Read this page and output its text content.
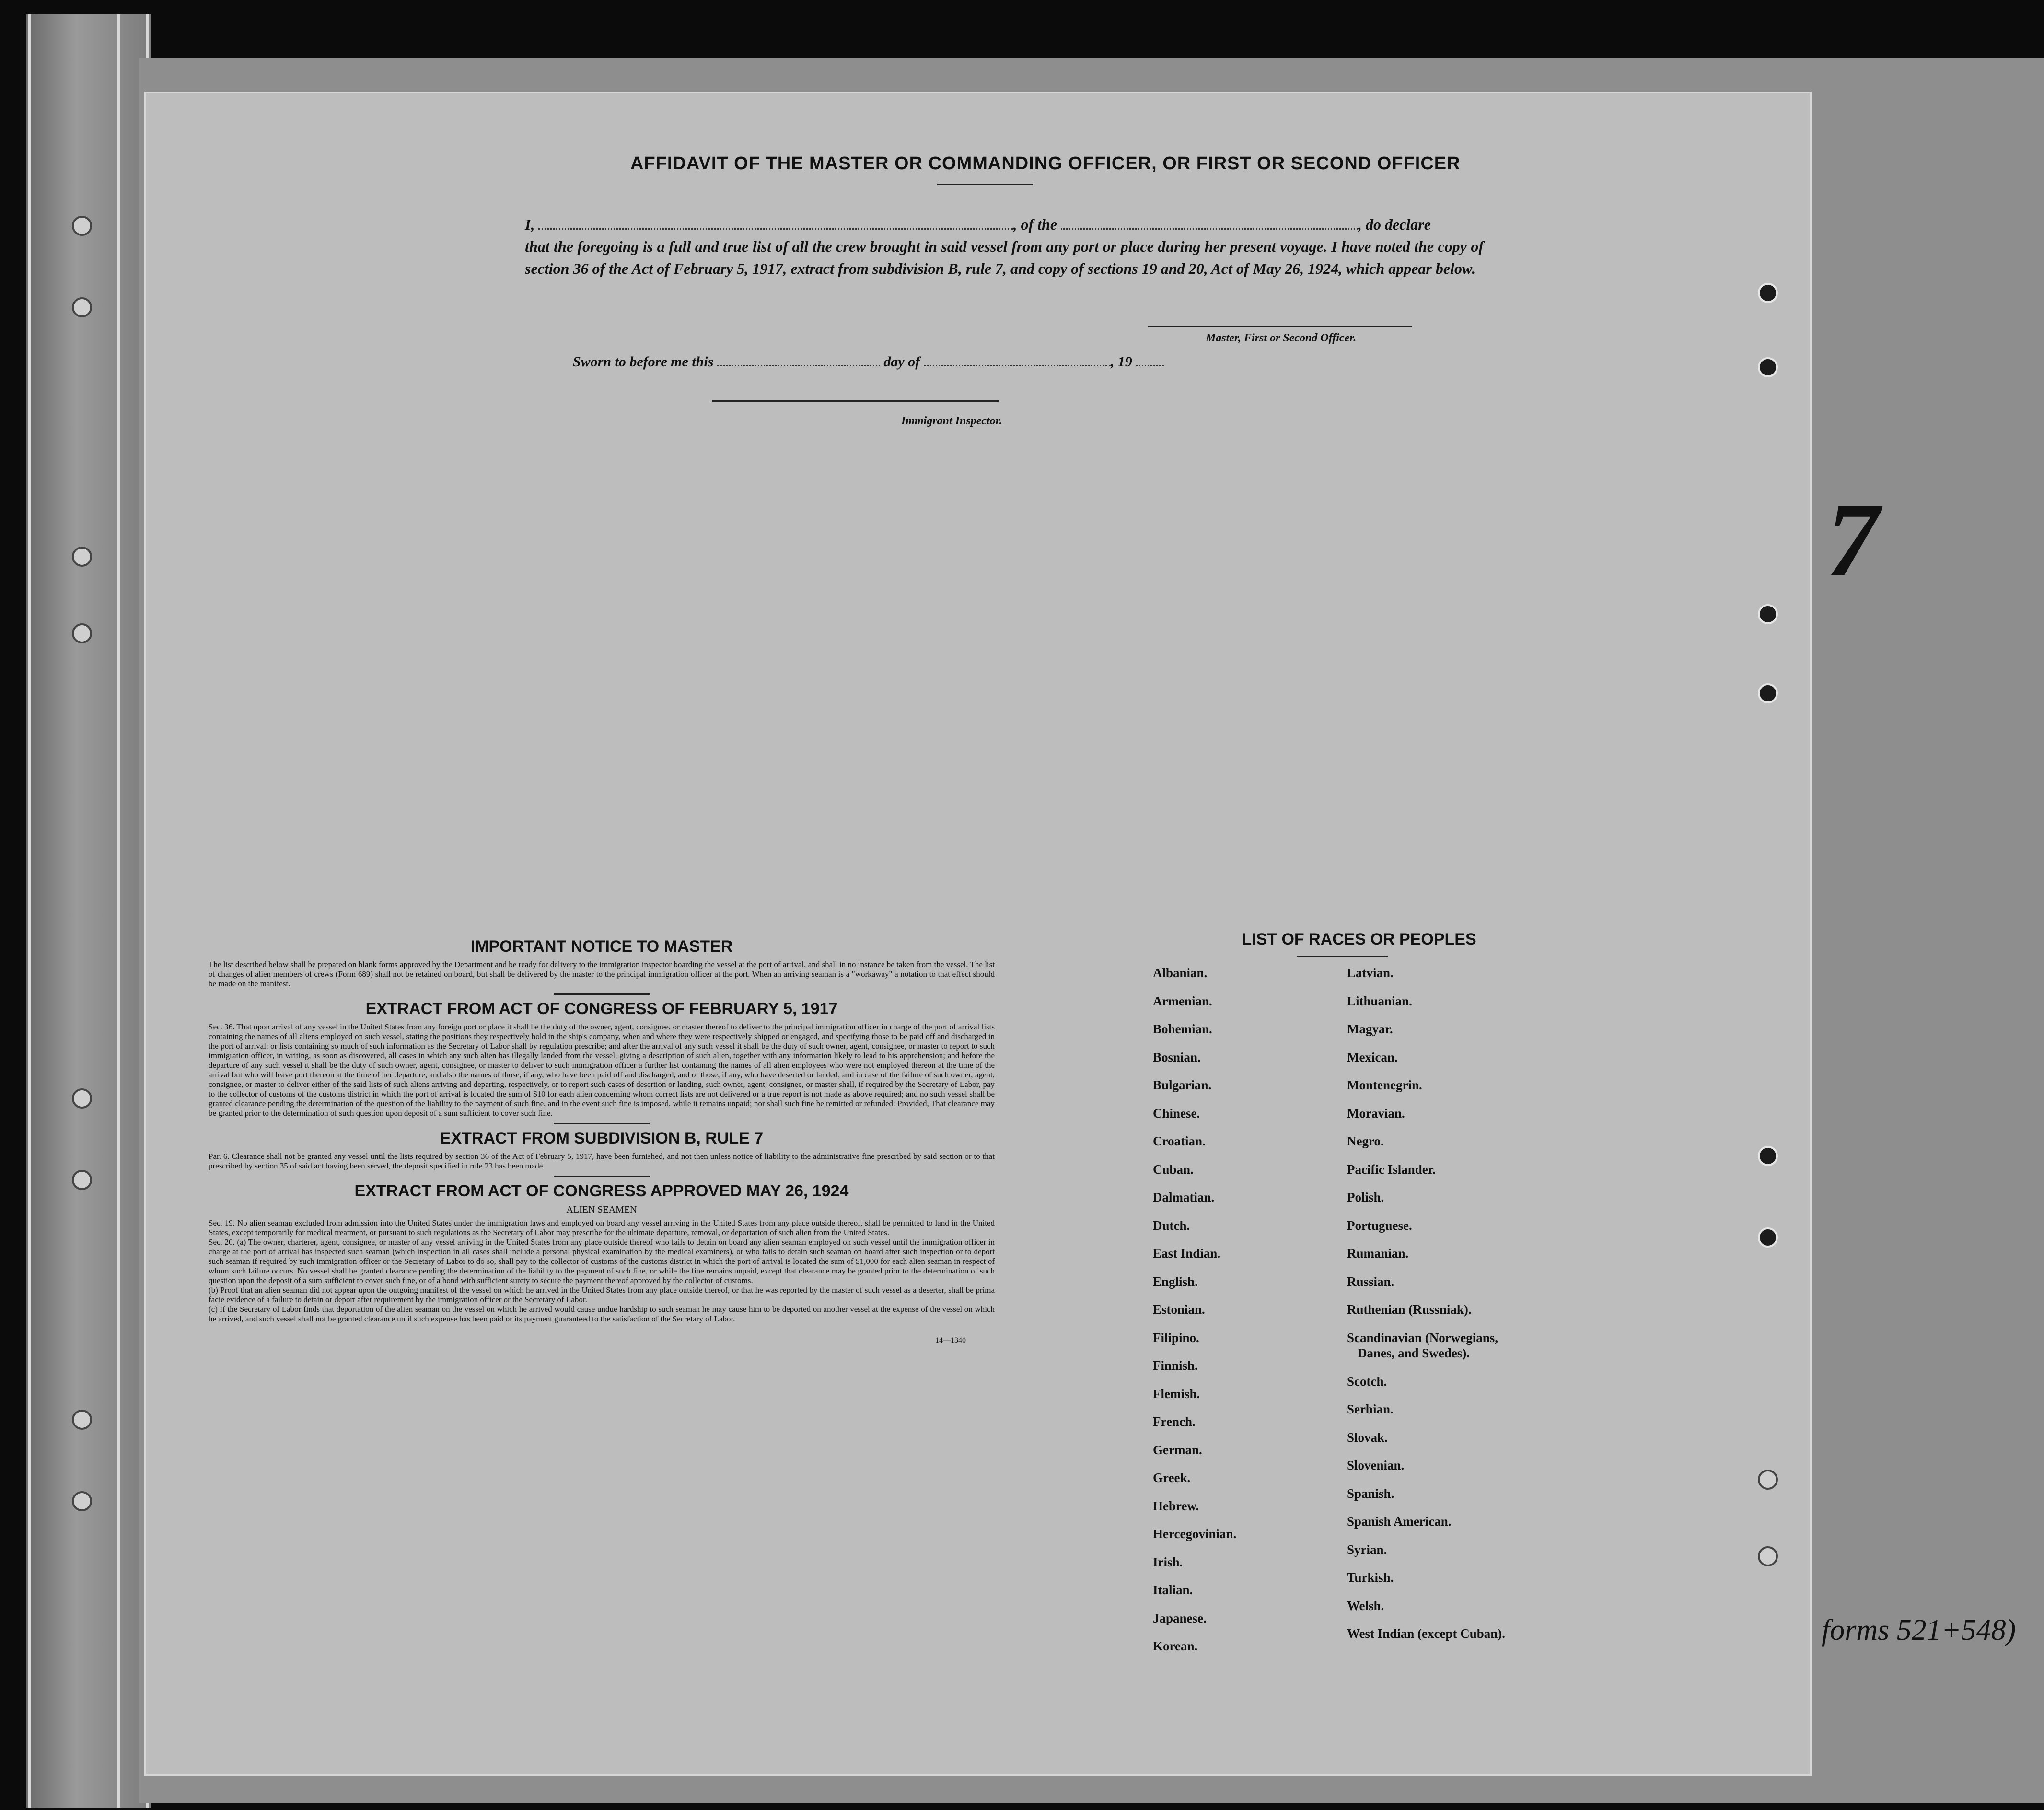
7
forms 521+548)
AFFIDAVIT OF THE MASTER OR COMMANDING OFFICER, OR FIRST OR SECOND OFFICER
I,	, of the	, do declare
that the foregoing is a full and true list of all the crew brought in said vessel from any port or place during her present voyage. I have noted the copy of section 36 of the Act of February 5, 1917, extract from subdivision B, rule 7, and copy of sections 19 and 20, Act of May 26, 1924, which appear below.
Master, First or Second Officer.
Sworn to before me this	day of	, 19
Immigrant Inspector.
IMPORTANT NOTICE TO MASTER

The list described below shall be prepared on blank forms approved by the Department and be ready for delivery to the immigration inspector boarding the vessel at the port of arrival, and shall in no instance be taken from the vessel. The list of changes of alien members of crews (Form 689) shall not be retained on board, but shall be delivered by the master to the principal immigration officer at the port. When an arriving seaman is a "workaway" a notation to that effect should be made on the manifest.

EXTRACT FROM ACT OF CONGRESS OF FEBRUARY 5, 1917

Sec. 36. That upon arrival of any vessel in the United States from any foreign port or place it shall be the duty of the owner, agent, consignee, or master thereof to deliver to the principal immigration officer in charge of the port of arrival lists containing the names of all aliens employed on such vessel, stating the positions they respectively hold in the ship's company, when and where they were respectively shipped or engaged, and specifying those to be paid off and discharged in the port of arrival; or lists containing so much of such information as the Secretary of Labor shall by regulation prescribe; and after the arrival of any such vessel it shall be the duty of such owner, agent, consignee, or master to report to such immigration officer, in writing, as soon as discovered, all cases in which any such alien has illegally landed from the vessel, giving a description of such alien, together with any information likely to lead to his apprehension; and before the departure of any such vessel it shall be the duty of such owner, agent, consignee, or master to deliver to such immigration officer a further list containing the names of all alien employees who were not employed thereon at the time of the arrival but who will leave port thereon at the time of her departure, and also the names of those, if any, who have been paid off and discharged, and of those, if any, who have deserted or landed; and in case of the failure of such owner, agent, consignee, or master to deliver either of the said lists of such aliens arriving and departing, respectively, or to report such cases of desertion or landing, such owner, agent, consignee, or master shall, if required by the Secretary of Labor, pay to the collector of customs of the customs district in which the port of arrival is located the sum of $10 for each alien concerning whom correct lists are not delivered or a true report is not made as above required; and no such vessel shall be granted clearance pending the determination of the question of the liability to the payment of such fine, and in the event such fine is imposed, while it remains unpaid; nor shall such fine be remitted or refunded: Provided, That clearance may be granted prior to the determination of such question upon deposit of a sum sufficient to cover such fine.

EXTRACT FROM SUBDIVISION B, RULE 7

Par. 6. Clearance shall not be granted any vessel until the lists required by section 36 of the Act of February 5, 1917, have been furnished, and not then unless notice of liability to the administrative fine prescribed by said section or to that prescribed by section 35 of said act having been served, the deposit specified in rule 23 has been made.

EXTRACT FROM ACT OF CONGRESS APPROVED MAY 26, 1924
ALIEN SEAMEN

Sec. 19. No alien seaman excluded from admission into the United States under the immigration laws and employed on board any vessel arriving in the United States from any place outside thereof, shall be permitted to land in the United States, except temporarily for medical treatment, or pursuant to such regulations as the Secretary of Labor may prescribe for the ultimate departure, removal, or deportation of such alien from the United States.

Sec. 20. (a) The owner, charterer, agent, consignee, or master of any vessel arriving in the United States from any place outside thereof who fails to detain on board any alien seaman employed on such vessel until the immigration officer in charge at the port of arrival has inspected such seaman (which inspection in all cases shall include a personal physical examination by the medical examiners), or who fails to detain such seaman on board after such inspection or to deport such seaman if required by such immigration officer or the Secretary of Labor to do so, shall pay to the collector of customs of the customs district in which the port of arrival is located the sum of $1,000 for each alien seaman in respect of whom such failure occurs. No vessel shall be granted clearance pending the determination of the liability to the payment of such fine, or while the fine remains unpaid, except that clearance may be granted prior to the determination of such question upon the deposit of a sum sufficient to cover such fine, or of a bond with sufficient surety to secure the payment thereof approved by the collector of customs.

(b) Proof that an alien seaman did not appear upon the outgoing manifest of the vessel on which he arrived in the United States from any place outside thereof, or that he was reported by the master of such vessel as a deserter, shall be prima facie evidence of a failure to detain or deport after requirement by the immigration officer or the Secretary of Labor.

(c) If the Secretary of Labor finds that deportation of the alien seaman on the vessel on which he arrived would cause undue hardship to such seaman he may cause him to be deported on another vessel at the expense of the vessel on which he arrived, and such vessel shall not be granted clearance until such expense has been paid or its payment guaranteed to the satisfaction of the Secretary of Labor.

14—1340
LIST OF RACES OR PEOPLES
Albanian.
Armenian.
Bohemian.
Bosnian.
Bulgarian.
Chinese.
Croatian.
Cuban.
Dalmatian.
Dutch.
East Indian.
English.
Estonian.
Filipino.
Finnish.
Flemish.
French.
German.
Greek.
Hebrew.
Hercegovinian.
Irish.
Italian.
Japanese.
Korean.
Latvian.
Lithuanian.
Magyar.
Mexican.
Montenegrin.
Moravian.
Negro.
Pacific Islander.
Polish.
Portuguese.
Rumanian.
Russian.
Ruthenian (Russniak).
Scandinavian (Norwegians,
Danes, and Swedes).
Scotch.
Serbian.
Slovak.
Slovenian.
Spanish.
Spanish American.
Syrian.
Turkish.
Welsh.
West Indian (except Cuban).
